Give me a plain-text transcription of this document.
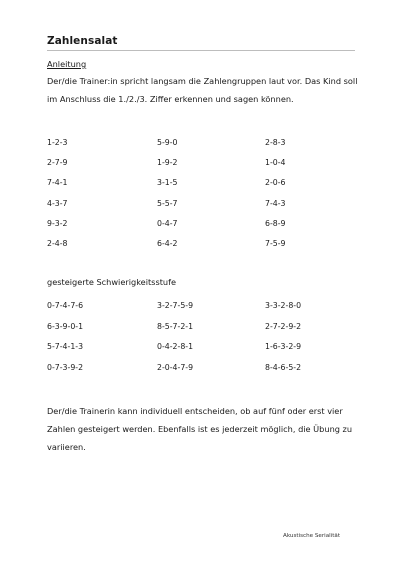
Zahlensalat
Anleitung

Der/die Trainer:in spricht langsam die Zahlengruppen laut vor. Das Kind soll im Anschluss die 1./2./3. Ziffer erkennen und sagen können.

1-2-3	5-9-0	2-8-3
2-7-9	1-9-2	1-0-4
7-4-1	3-1-5	2-0-6
4-3-7	5-5-7	7-4-3
9-3-2	0-4-7	6-8-9
2-4-8	6-4-2	7-5-9
gesteigerte Schwierigkeitsstufe
0-7-4-7-6	3-2-7-5-9	3-3-2-8-0
6-3-9-0-1	8-5-7-2-1	2-7-2-9-2
5-7-4-1-3	0-4-2-8-1	1-6-3-2-9
0-7-3-9-2	2-0-4-7-9	8-4-6-5-2

Der/die Trainerin kann individuell entscheiden, ob auf fünf oder erst vier Zahlen gesteigert werden. Ebenfalls ist es jederzeit möglich, die Übung zu variieren.

Akustische Serialität
